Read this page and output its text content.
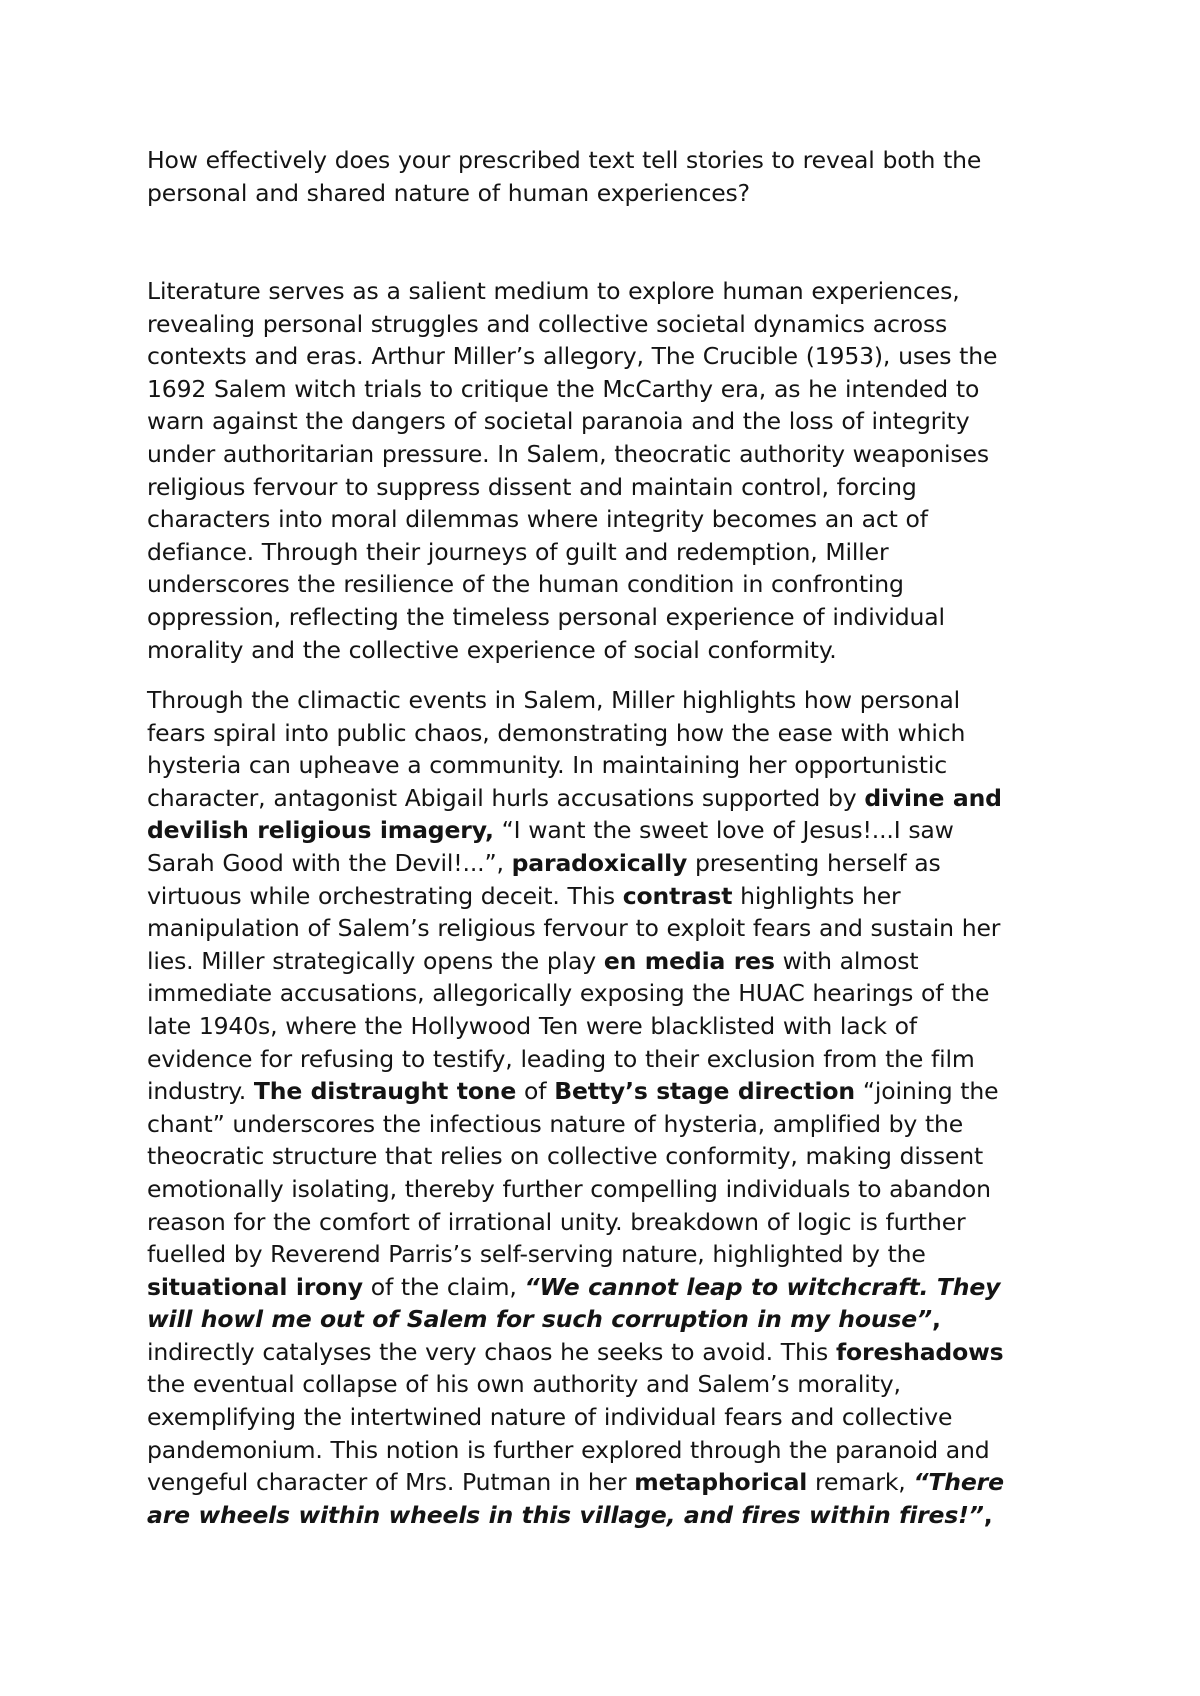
How effectively does your prescribed text tell stories to reveal both the
personal and shared nature of human experiences?
Literature serves as a salient medium to explore human experiences,
revealing personal struggles and collective societal dynamics across
contexts and eras. Arthur Miller’s allegory, The Crucible (1953), uses the
1692 Salem witch trials to critique the McCarthy era, as he intended to
warn against the dangers of societal paranoia and the loss of integrity
under authoritarian pressure. In Salem, theocratic authority weaponises
religious fervour to suppress dissent and maintain control, forcing
characters into moral dilemmas where integrity becomes an act of
defiance. Through their journeys of guilt and redemption, Miller
underscores the resilience of the human condition in confronting
oppression, reflecting the timeless personal experience of individual
morality and the collective experience of social conformity.
Through the climactic events in Salem, Miller highlights how personal
fears spiral into public chaos, demonstrating how the ease with which
hysteria can upheave a community. In maintaining her opportunistic
character, antagonist Abigail hurls accusations supported by divine and
devilish religious imagery, “I want the sweet love of Jesus!...I saw
Sarah Good with the Devil!...”, paradoxically presenting herself as
virtuous while orchestrating deceit. This contrast highlights her
manipulation of Salem’s religious fervour to exploit fears and sustain her
lies. Miller strategically opens the play en media res with almost
immediate accusations, allegorically exposing the HUAC hearings of the
late 1940s, where the Hollywood Ten were blacklisted with lack of
evidence for refusing to testify, leading to their exclusion from the film
industry. The distraught tone of Betty’s stage direction “joining the
chant” underscores the infectious nature of hysteria, amplified by the
theocratic structure that relies on collective conformity, making dissent
emotionally isolating, thereby further compelling individuals to abandon
reason for the comfort of irrational unity. breakdown of logic is further
fuelled by Reverend Parris’s self-serving nature, highlighted by the
situational irony of the claim, “We cannot leap to witchcraft. They
will howl me out of Salem for such corruption in my house”,
indirectly catalyses the very chaos he seeks to avoid. This foreshadows
the eventual collapse of his own authority and Salem’s morality,
exemplifying the intertwined nature of individual fears and collective
pandemonium. This notion is further explored through the paranoid and
vengeful character of Mrs. Putman in her metaphorical remark, “There
are wheels within wheels in this village, and fires within fires!”,
